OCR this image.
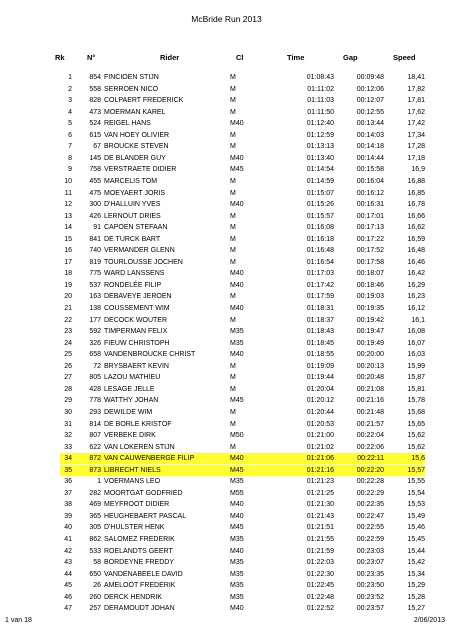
McBride Run 2013
Rk	N°	Rider	Cl	Time	Gap	Speed
1	854 FINCIOEN STIJN	M	01:08:43	00:09:48	18,41
2	558 SERROEN NICO	M	01:11:02	00:12:06	17,82
3	828 COLPAERT FREDERICK	M	01:11:03	00:12:07	17,81
4	473 MOERMAN KAREL	M	01:11:50	00:12:55	17,62
5	524 REIGEL HANS	M40	01:12:40	00:13:44	17,42
6	615 VAN HOEY OLIVIER	M	01:12:59	00:14:03	17,34
7	67 BROUCKE STEVEN	M	01:13:13	00:14:18	17,28
8	145 DE BLANDER GUY	M40	01:13:40	00:14:44	17,18
9	758 VERSTRAETE DIDIER	M45	01:14:54	00:15:58	16,9
10	455 MARCELIS TOM	M	01:14:59	00:16:04	16,88
11	475 MOEYAERT JORIS	M	01:15:07	00:16:12	16,85
12	300 D'HALLUIN YVES	M40	01:15:26	00:16:31	16,78
13	426 LERNOUT DRIES	M	01:15:57	00:17:01	16,66
14	91 CAPOEN STEFAAN	M	01:16:08	00:17:13	16,62
15	841 DE TURCK BART	M	01:16:18	00:17:22	16,59
16	740 VERMANDER GLENN	M	01:16:48	00:17:52	16,48
17	819 TOURLOUSSE JOCHEN	M	01:16:54	00:17:58	16,46
18	775 WARD LANSSENS	M40	01:17:03	00:18:07	16,42
19	537 RONDELÉE FILIP	M40	01:17:42	00:18:46	16,29
20	163 DEBAVEYE JEROEN	M	01:17:59	00:19:03	16,23
21	138 COUSSEMENT WIM	M40	01:18:31	00:19:35	16,12
22	177 DECOCK WOUTER	M	01:18:37	00:19:42	16,1
23	592 TIMPERMAN FELIX	M35	01:18:43	00:19:47	16,08
24	326 FIEUW CHRISTOPH	M35	01:18:45	00:19:49	16,07
25	658 VANDENBROUCKE CHRIST	M40	01:18:55	00:20:00	16,03
26	72 BRYSBAERT KEVIN	M	01:19:09	00:20:13	15,99
27	805 LAZOU MATHIEU	M	01:19:44	00:20:48	15,87
28	428 LESAGE JELLE	M	01:20:04	00:21:08	15,81
29	778 WATTHY JOHAN	M45	01:20:12	00:21:16	15,78
30	293 DEWILDE WIM	M	01:20:44	00:21:48	15,68
31	814 DE BORLE KRISTOF	M	01:20:53	00:21:57	15,65
32	807 VERBEKE DIRK	M50	01:21:00	00:22:04	15,62
33	622 VAN LOKEREN STIJN	M	01:21:02	00:22:06	15,62
34	872 VAN CAUWENBERGE FILIP	M40	01:21:06	00:22:11	15,6
35	873 LIBRECHT NIELS	M45	01:21:16	00:22:20	15,57
36	1 VOERMANS LEO	M35	01:21:23	00:22:28	15,55
37	282 MOORTGAT GODFRIED	M55	01:21:25	00:22:29	15,54
38	469 MEYFROOT DIDIER	M40	01:21:30	00:22:35	15,53
39	365 HEUGHEBAERT PASCAL	M40	01:21:43	00:22:47	15,49
40	305 D'HULSTER HENK	M45	01:21:51	00:22:55	15,46
41	862 SALOMEZ FREDERIK	M35	01:21:55	00:22:59	15,45
42	533 ROELANDTS GEERT	M40	01:21:59	00:23:03	15,44
43	58 BORDEYNE FREDDY	M35	01:22:03	00:23:07	15,42
44	650 VANDENABEELE DAVID	M35	01:22:30	00:23:35	15,34
45	26 AMELOOT FREDERIK	M35	01:22:45	00:23:50	15,29
46	260 DERCK HENDRIK	M35	01:22:48	00:23:52	15,28
47	257 DERAMOUDT JOHAN	M40	01:22:52	00:23:57	15,27
1 van 18	2/06/2013
